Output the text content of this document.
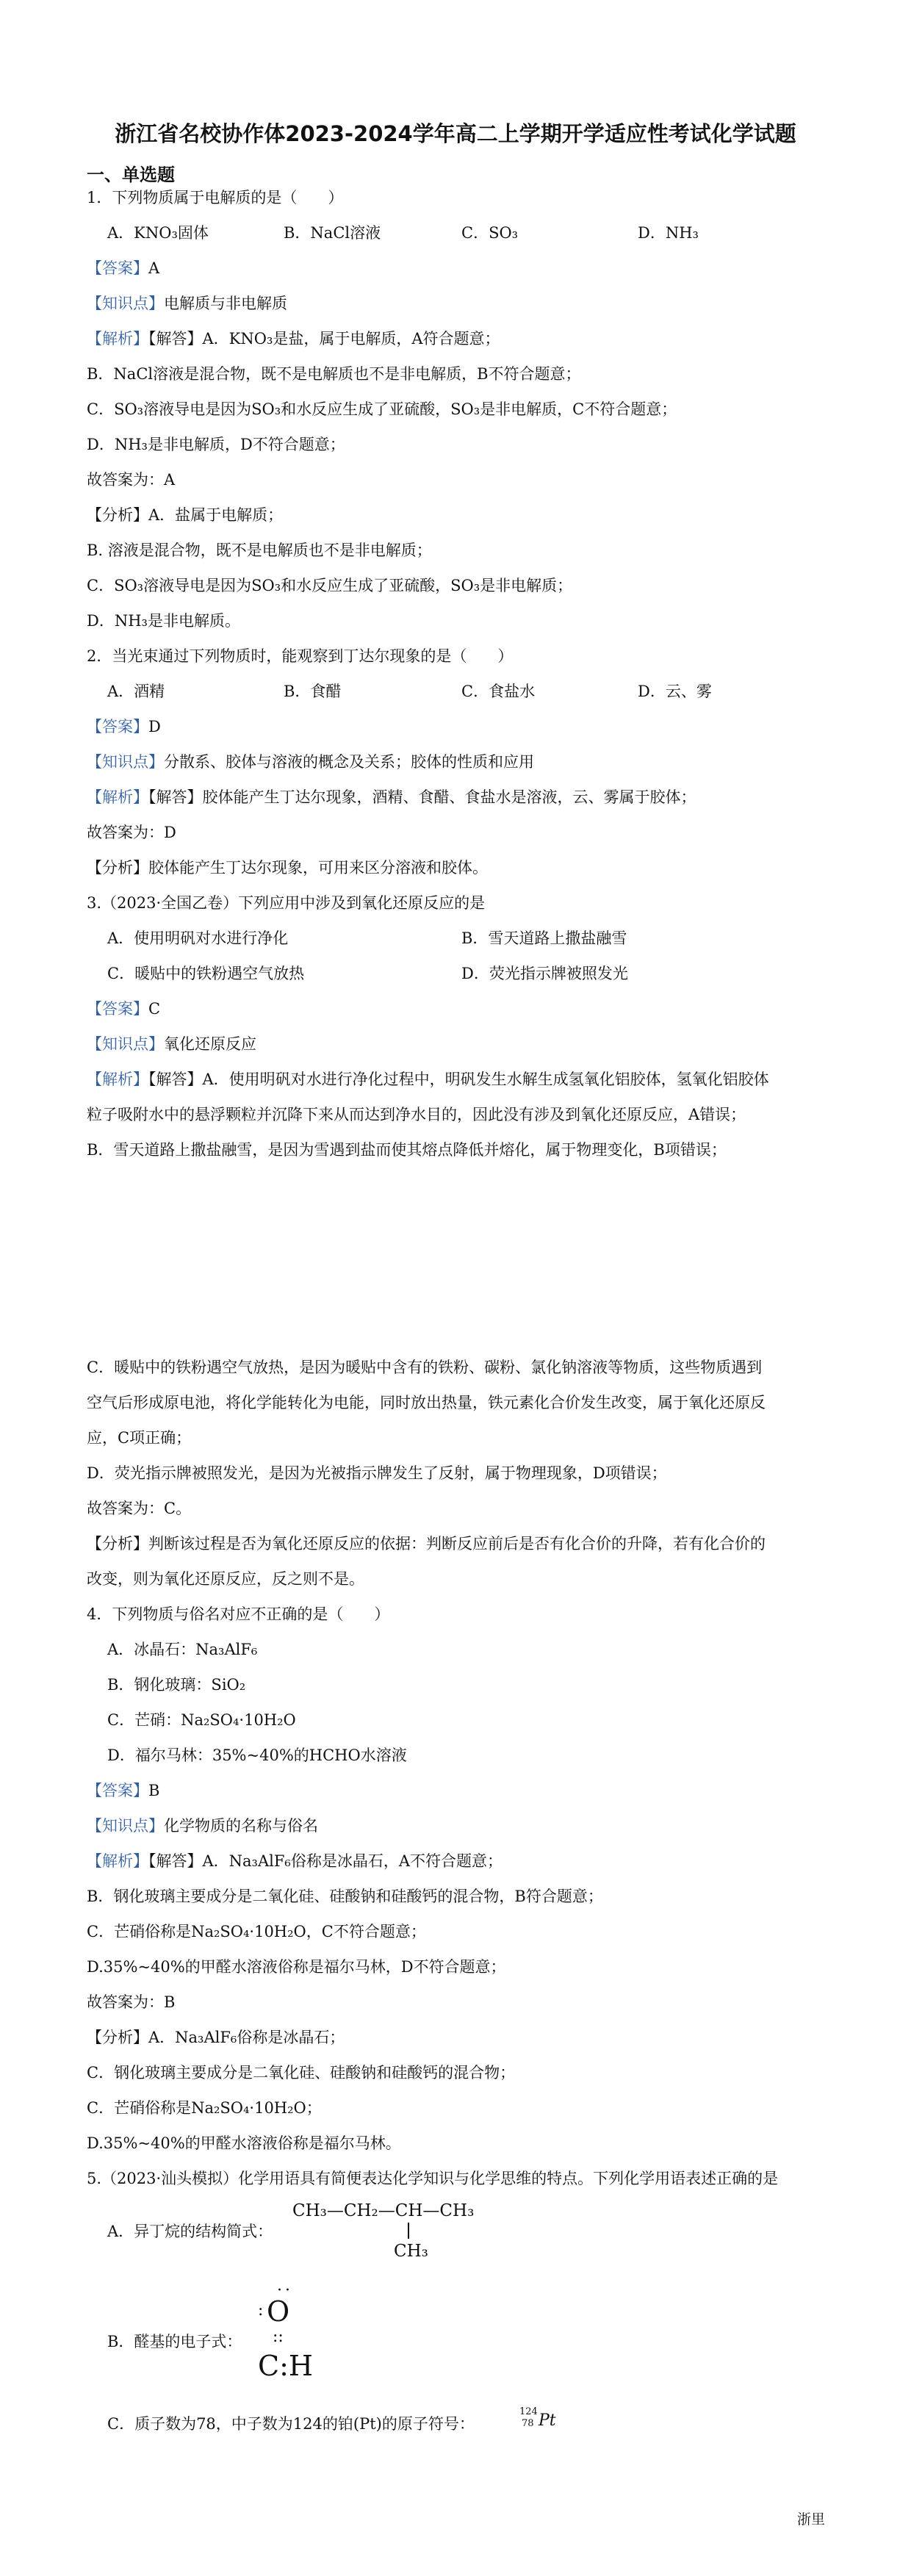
浙江省名校协作体2023-2024学年高二上学期开学适应性考试化学试题
一、单选题
1．下列物质属于电解质的是（　　）
A．KNO₃固体	B．NaCl溶液	C．SO₃	D．NH₃
【答案】A
【知识点】电解质与非电解质
【解析】【解答】A．KNO₃是盐，属于电解质，A符合题意；
B．NaCl溶液是混合物，既不是电解质也不是非电解质，B不符合题意；
C．SO₃溶液导电是因为SO₃和水反应生成了亚硫酸，SO₃是非电解质，C不符合题意；
D．NH₃是非电解质，D不符合题意；
故答案为：A
【分析】A．盐属于电解质；
B. 溶液是混合物，既不是电解质也不是非电解质；
C．SO₃溶液导电是因为SO₃和水反应生成了亚硫酸，SO₃是非电解质；
D．NH₃是非电解质。
2．当光束通过下列物质时，能观察到丁达尔现象的是（　　）
A．酒精	B．食醋	C．食盐水	D．云、雾
【答案】D
【知识点】分散系、胶体与溶液的概念及关系；胶体的性质和应用
【解析】【解答】胶体能产生丁达尔现象，酒精、食醋、食盐水是溶液，云、雾属于胶体；
故答案为：D
【分析】胶体能产生丁达尔现象，可用来区分溶液和胶体。
3.（2023·全国乙卷）下列应用中涉及到氧化还原反应的是
A．使用明矾对水进行净化	B．雪天道路上撒盐融雪
C．暖贴中的铁粉遇空气放热	D．荧光指示牌被照发光
【答案】C
【知识点】氧化还原反应
【解析】【解答】A．使用明矾对水进行净化过程中，明矾发生水解生成氢氧化铝胶体，氢氧化铝胶体
粒子吸附水中的悬浮颗粒并沉降下来从而达到净水目的，因此没有涉及到氧化还原反应，A错误；
B．雪天道路上撒盐融雪，是因为雪遇到盐而使其熔点降低并熔化，属于物理变化，B项错误；
C．暖贴中的铁粉遇空气放热，是因为暖贴中含有的铁粉、碳粉、氯化钠溶液等物质，这些物质遇到
空气后形成原电池，将化学能转化为电能，同时放出热量，铁元素化合价发生改变，属于氧化还原反
应，C项正确；
D．荧光指示牌被照发光，是因为光被指示牌发生了反射，属于物理现象，D项错误；
故答案为：C。
【分析】判断该过程是否为氧化还原反应的依据：判断反应前后是否有化合价的升降，若有化合价的
改变，则为氧化还原反应，反之则不是。
4．下列物质与俗名对应不正确的是（　　）
A．冰晶石：Na₃AlF₆
B．钢化玻璃：SiO₂
C．芒硝：Na₂SO₄·10H₂O
D．福尔马林：35%~40%的HCHO水溶液
【答案】B
【知识点】化学物质的名称与俗名
【解析】【解答】A．Na₃AlF₆俗称是冰晶石，A不符合题意；
B．钢化玻璃主要成分是二氧化硅、硅酸钠和硅酸钙的混合物，B符合题意；
C．芒硝俗称是Na₂SO₄·10H₂O，C不符合题意；
D.35%~40%的甲醛水溶液俗称是福尔马林，D不符合题意；
故答案为：B
【分析】A．Na₃AlF₆俗称是冰晶石；
C．钢化玻璃主要成分是二氧化硅、硅酸钠和硅酸钙的混合物；
C．芒硝俗称是Na₂SO₄·10H₂O；
D.35%~40%的甲醛水溶液俗称是福尔马林。
5.（2023·汕头模拟）化学用语具有简便表达化学知识与化学思维的特点。下列化学用语表述正确的是
A．异丁烷的结构简式：
CH₃—CH₂—CH—CH₃
CH₃
B．醛基的电子式：
··
: O
::
C:H
C．质子数为78，中子数为124的铂(Pt)的原子符号：
124
78 Pt
浙里
